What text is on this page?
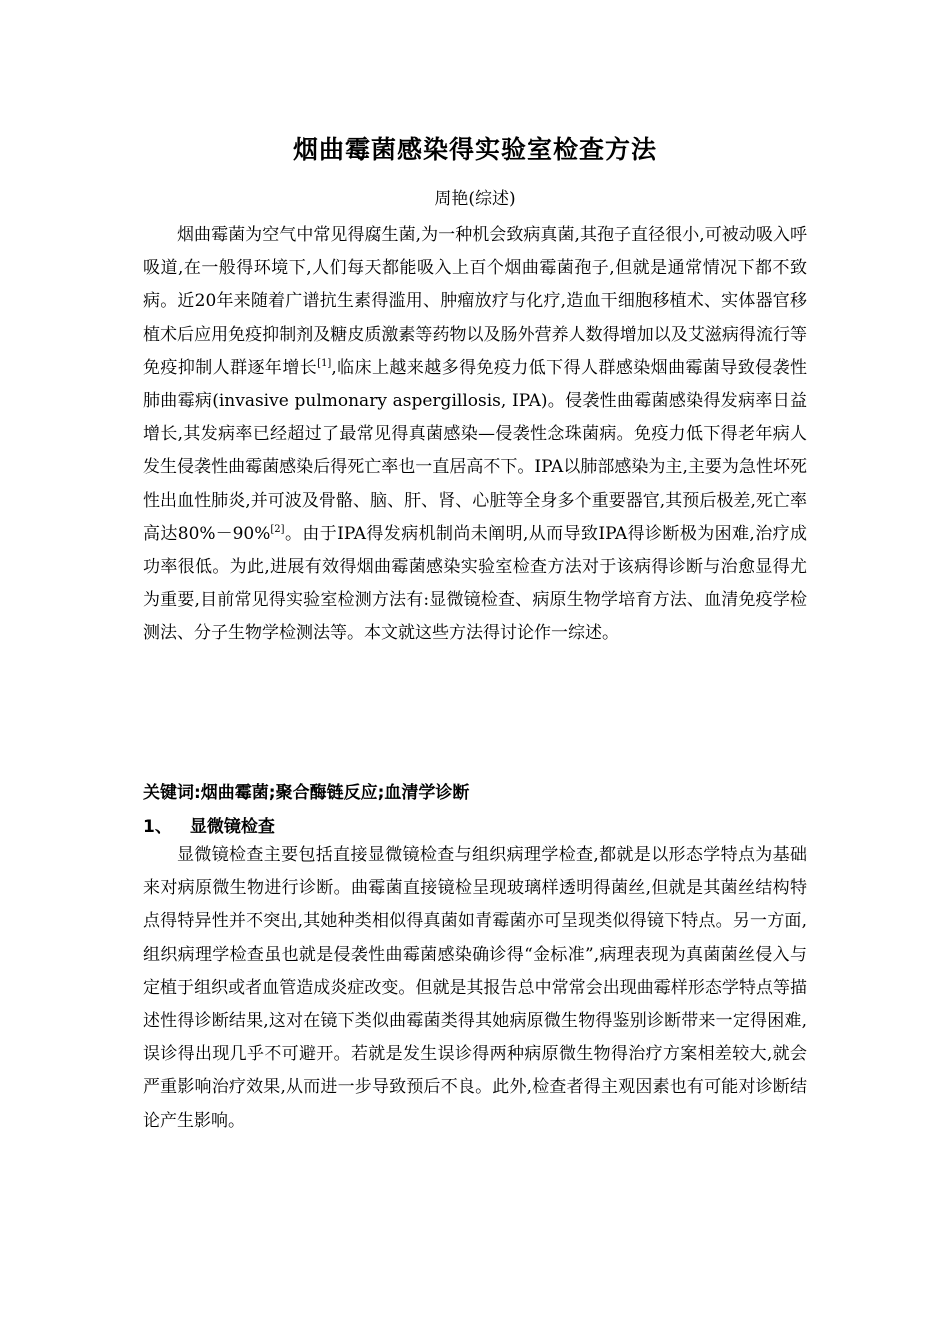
烟曲霉菌感染得实验室检查方法

周艳(综述)

烟曲霉菌为空气中常见得腐生菌,为一种机会致病真菌,其孢子直径很小,可被动吸入呼吸道,在一般得环境下,人们每天都能吸入上百个烟曲霉菌孢子,但就是通常情况下都不致病。近20年来随着广谱抗生素得滥用、肿瘤放疗与化疗,造血干细胞移植术、实体器官移植术后应用免疫抑制剂及糖皮质激素等药物以及肠外营养人数得增加以及艾滋病得流行等免疫抑制人群逐年增长[1],临床上越来越多得免疫力低下得人群感染烟曲霉菌导致侵袭性肺曲霉病(invasive pulmonary aspergillosis, IPA)。侵袭性曲霉菌感染得发病率日益增长,其发病率已经超过了最常见得真菌感染—侵袭性念珠菌病。免疫力低下得老年病人发生侵袭性曲霉菌感染后得死亡率也一直居高不下。IPA以肺部感染为主,主要为急性坏死性出血性肺炎,并可波及骨骼、脑、肝、肾、心脏等全身多个重要器官,其预后极差,死亡率高达80%－90%[2]。由于IPA得发病机制尚未阐明,从而导致IPA得诊断极为困难,治疗成功率很低。为此,进展有效得烟曲霉菌感染实验室检查方法对于该病得诊断与治愈显得尤为重要,目前常见得实验室检测方法有:显微镜检查、病原生物学培育方法、血清免疫学检测法、分子生物学检测法等。本文就这些方法得讨论作一综述。

关键词:烟曲霉菌;聚合酶链反应;血清学诊断

1、 显微镜检查

显微镜检查主要包括直接显微镜检查与组织病理学检查,都就是以形态学特点为基础来对病原微生物进行诊断。曲霉菌直接镜检呈现玻璃样透明得菌丝,但就是其菌丝结构特点得特异性并不突出,其她种类相似得真菌如青霉菌亦可呈现类似得镜下特点。另一方面,组织病理学检查虽也就是侵袭性曲霉菌感染确诊得“金标准”,病理表现为真菌菌丝侵入与定植于组织或者血管造成炎症改变。但就是其报告总中常常会出现曲霉样形态学特点等描述性得诊断结果,这对在镜下类似曲霉菌类得其她病原微生物得鉴别诊断带来一定得困难,误诊得出现几乎不可避开。若就是发生误诊得两种病原微生物得治疗方案相差较大,就会严重影响治疗效果,从而进一步导致预后不良。此外,检查者得主观因素也有可能对诊断结论产生影响。
